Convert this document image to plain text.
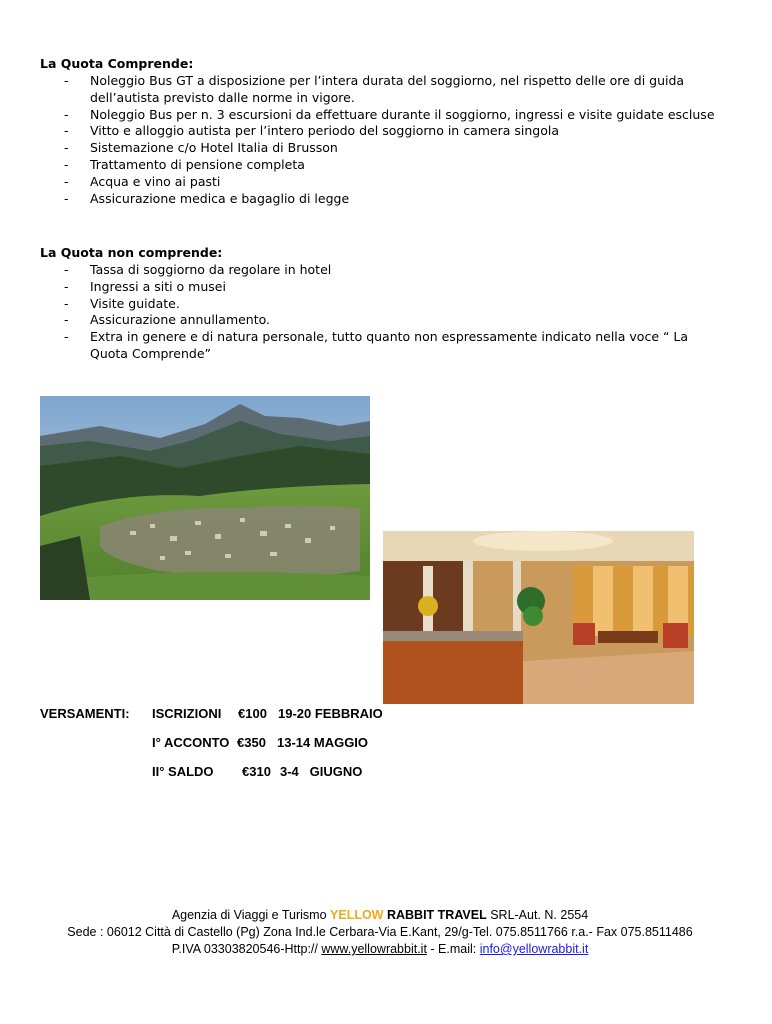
La Quota Comprende:
- Noleggio Bus GT a disposizione per l’intera durata del soggiorno, nel rispetto delle ore di guida dell’autista previsto dalle norme in vigore.
- Noleggio Bus per n. 3 escursioni da effettuare durante il soggiorno, ingressi e visite guidate escluse
- Vitto e alloggio autista per l’intero periodo del soggiorno in camera singola
- Sistemazione c/o Hotel Italia di Brusson
- Trattamento di pensione completa
- Acqua e vino ai pasti
- Assicurazione medica e bagaglio di legge
La Quota non comprende:
- Tassa di soggiorno da regolare in hotel
- Ingressi a siti o musei
- Visite guidate.
- Assicurazione annullamento.
- Extra in genere e di natura personale, tutto quanto non espressamente indicato nella voce “ La Quota Comprende”
VERSAMENTI: ISCRIZIONI €100 19-20 FEBBRAIO
I° ACCONTO €350 13-14 MAGGIO
II° SALDO €310 3-4   GIUGNO
Agenzia di Viaggi e Turismo YELLOW RABBIT TRAVEL SRL-Aut. N. 2554
Sede : 06012 Città di Castello (Pg) Zona Ind.le Cerbara-Via E.Kant, 29/g-Tel. 075.8511766 r.a.- Fax 075.8511486
P.IVA 03303820546-Http:// www.yellowrabbit.it - E.mail: info@yellowrabbit.it
